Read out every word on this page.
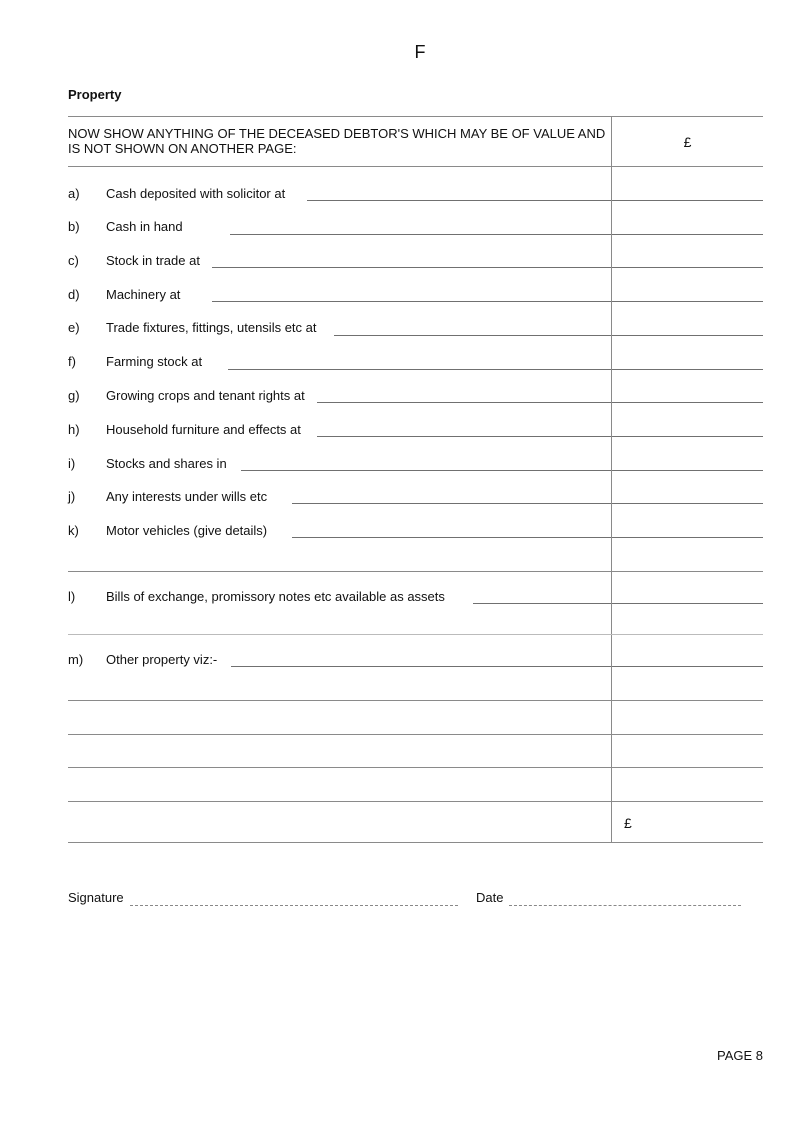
F
Property
NOW SHOW ANYTHING OF THE DECEASED DEBTOR'S WHICH MAY BE OF VALUE AND IS NOT SHOWN ON ANOTHER PAGE:	£
a) Cash deposited with solicitor at
b) Cash in hand
c) Stock in trade at
d) Machinery at
e) Trade fixtures, fittings, utensils etc at
f) Farming stock at
g) Growing crops and tenant rights at
h) Household furniture and effects at
i) Stocks and shares in
j) Any interests under wills etc
k) Motor vehicles (give details)
l) Bills of exchange, promissory notes etc available as assets
m) Other property viz:-
£
Signature	Date
PAGE 8
